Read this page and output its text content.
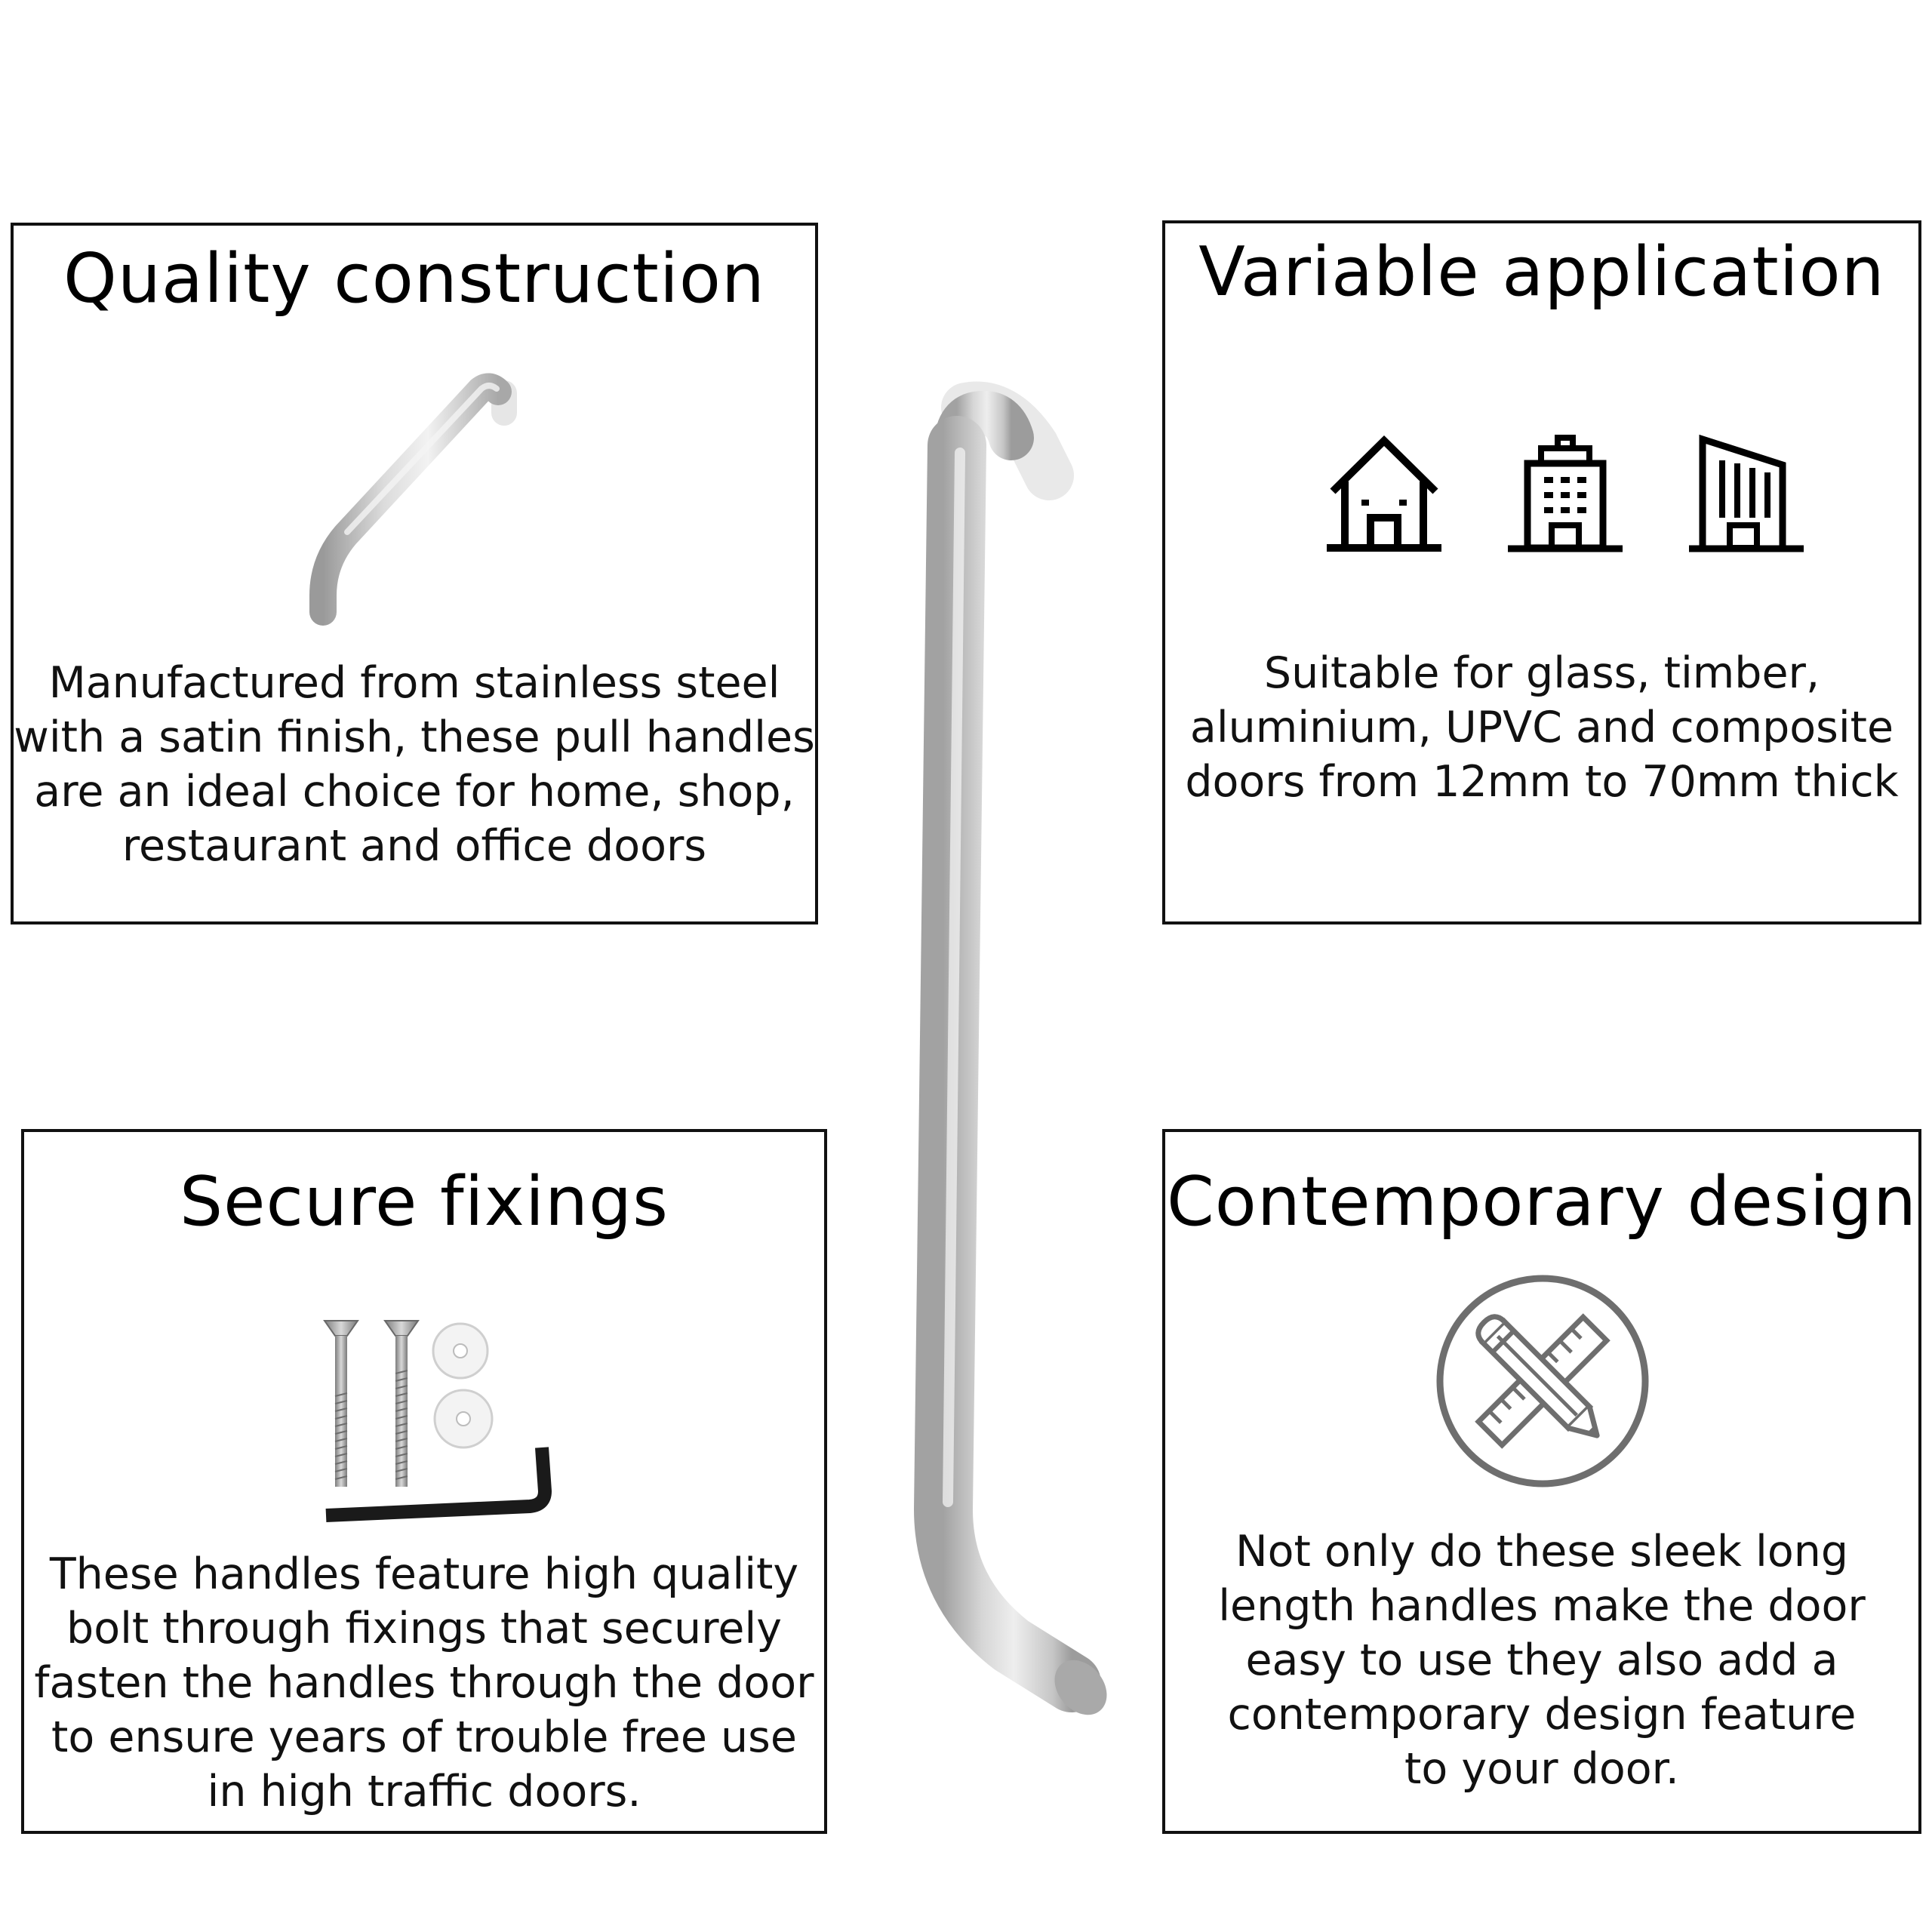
Quality construction
Manufactured from stainless steel
with a satin finish, these pull handles
are an ideal choice for home, shop,
restaurant and office doors
Variable application
Suitable for glass, timber,
aluminium, UPVC and composite
doors from 12mm to 70mm thick
Secure fixings
These handles feature high quality
bolt through fixings that securely
fasten the handles through the door
to ensure years of trouble free use
in high traffic doors.
Contemporary design
Not only do these sleek long
length handles make the door
easy to use they also add a
contemporary design feature
to your door.
